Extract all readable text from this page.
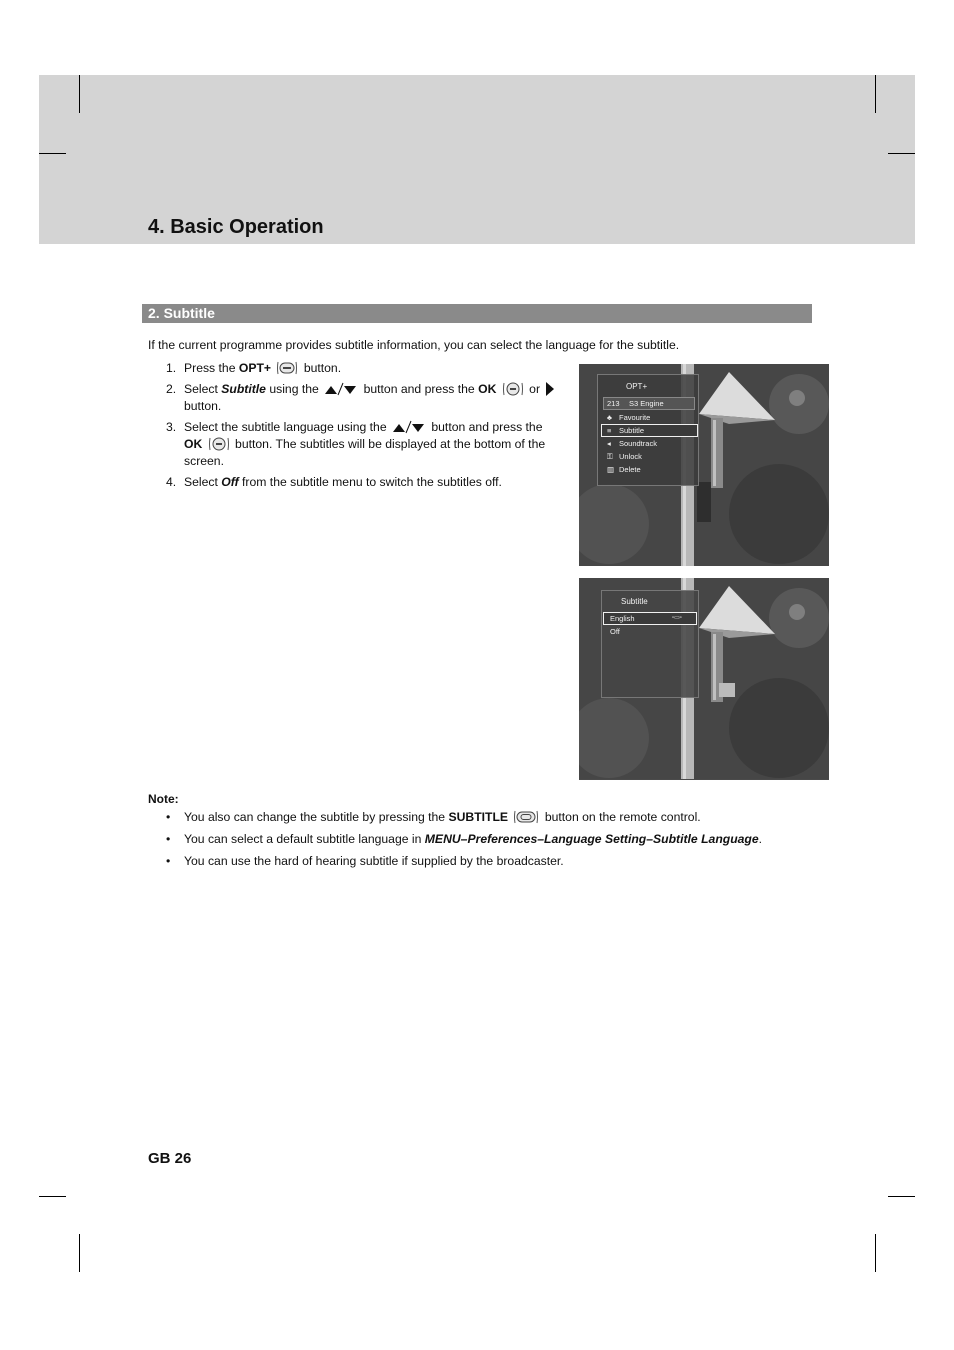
4. Basic Operation
2. Subtitle
If the current programme provides subtitle information, you can select the language for the subtitle.
1. Press the OPT+  button.
2. Select Subtitle using the	button and press the OK  or
button.
3. Select the subtitle language using the	button and press the OK  button. The subtitles will be displayed at the bottom of the screen.
4. Select Off from the subtitle menu to switch the subtitles off.
OPT+
213 S3 Engine
♣ Favourite
≡ Subtitle
◂ Soundtrack
⚿ Unlock
▥ Delete
Subtitle
English	▫▭▫
Off
Note:
• You also can change the subtitle by pressing the SUBTITLE	button on the remote control.
• You can select a default subtitle language in MENU–Preferences–Language Setting–Subtitle Language.
• You can use the hard of hearing subtitle if supplied by the broadcaster.
GB 26
